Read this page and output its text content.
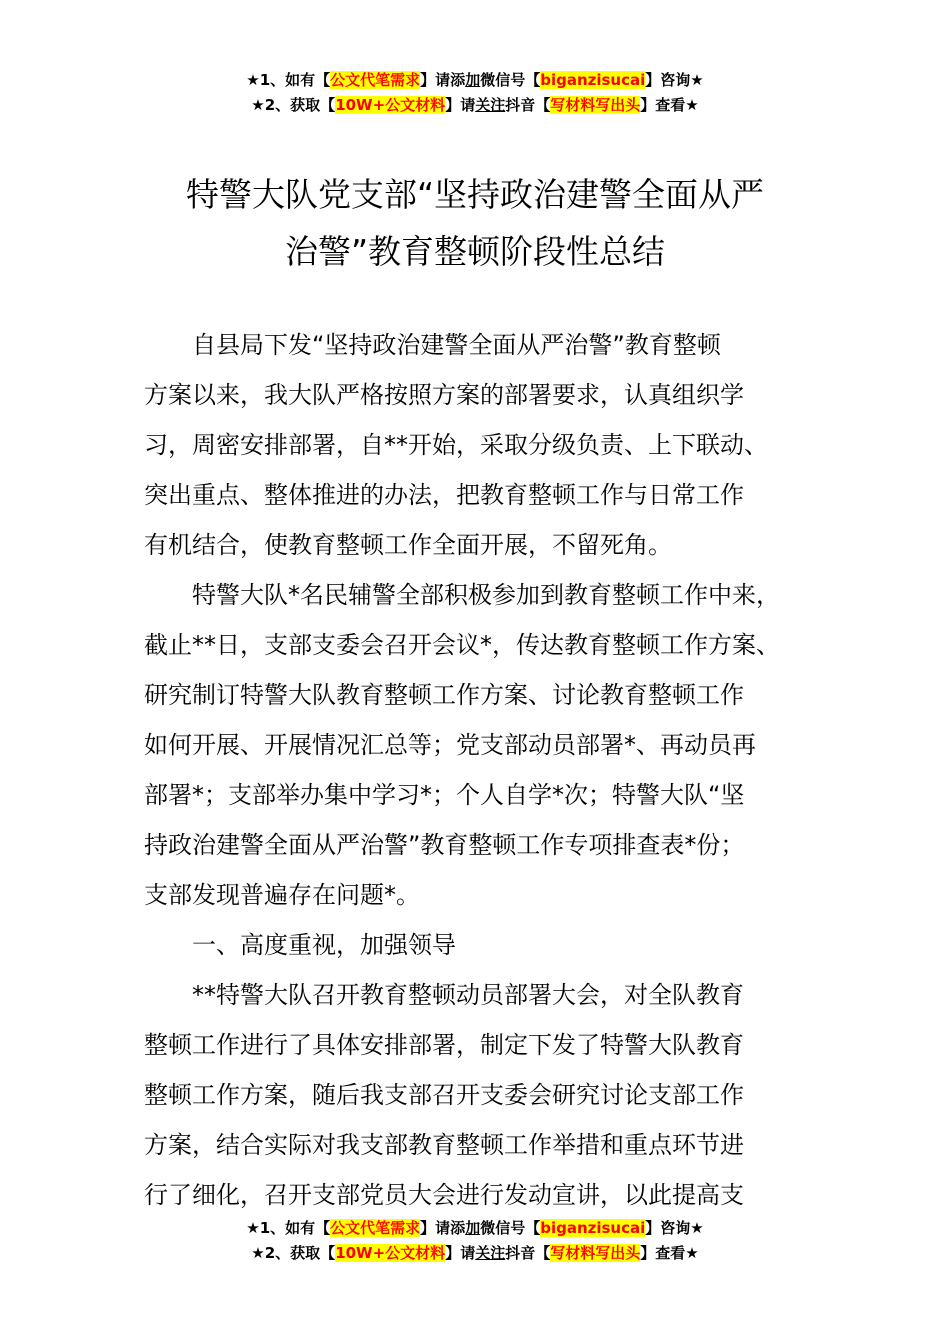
★1、如有【公文代笔需求】请添加微信号【biganzisucai】咨询★
★2、获取【10W+公文材料】请关注抖音【写材料写出头】查看★
特警大队党支部“坚持政治建警全面从严
治警”教育整顿阶段性总结

自县局下发“坚持政治建警全面从严治警”教育整顿
方案以来，我大队严格按照方案的部署要求，认真组织学
习，周密安排部署，自**开始，采取分级负责、上下联动、
突出重点、整体推进的办法，把教育整顿工作与日常工作
有机结合，使教育整顿工作全面开展，不留死角。

特警大队*名民辅警全部积极参加到教育整顿工作中来，
截止**日，支部支委会召开会议*，传达教育整顿工作方案、
研究制订特警大队教育整顿工作方案、讨论教育整顿工作
如何开展、开展情况汇总等；党支部动员部署*、再动员再
部署*；支部举办集中学习*；个人自学*次；特警大队“坚
持政治建警全面从严治警”教育整顿工作专项排查表*份；
支部发现普遍存在问题*。

一、高度重视，加强领导

**特警大队召开教育整顿动员部署大会，对全队教育
整顿工作进行了具体安排部署，制定下发了特警大队教育
整顿工作方案，随后我支部召开支委会研究讨论支部工作
方案，结合实际对我支部教育整顿工作举措和重点环节进
行了细化，召开支部党员大会进行发动宣讲，以此提高支

★1、如有【公文代笔需求】请添加微信号【biganzisucai】咨询★
★2、获取【10W+公文材料】请关注抖音【写材料写出头】查看★
